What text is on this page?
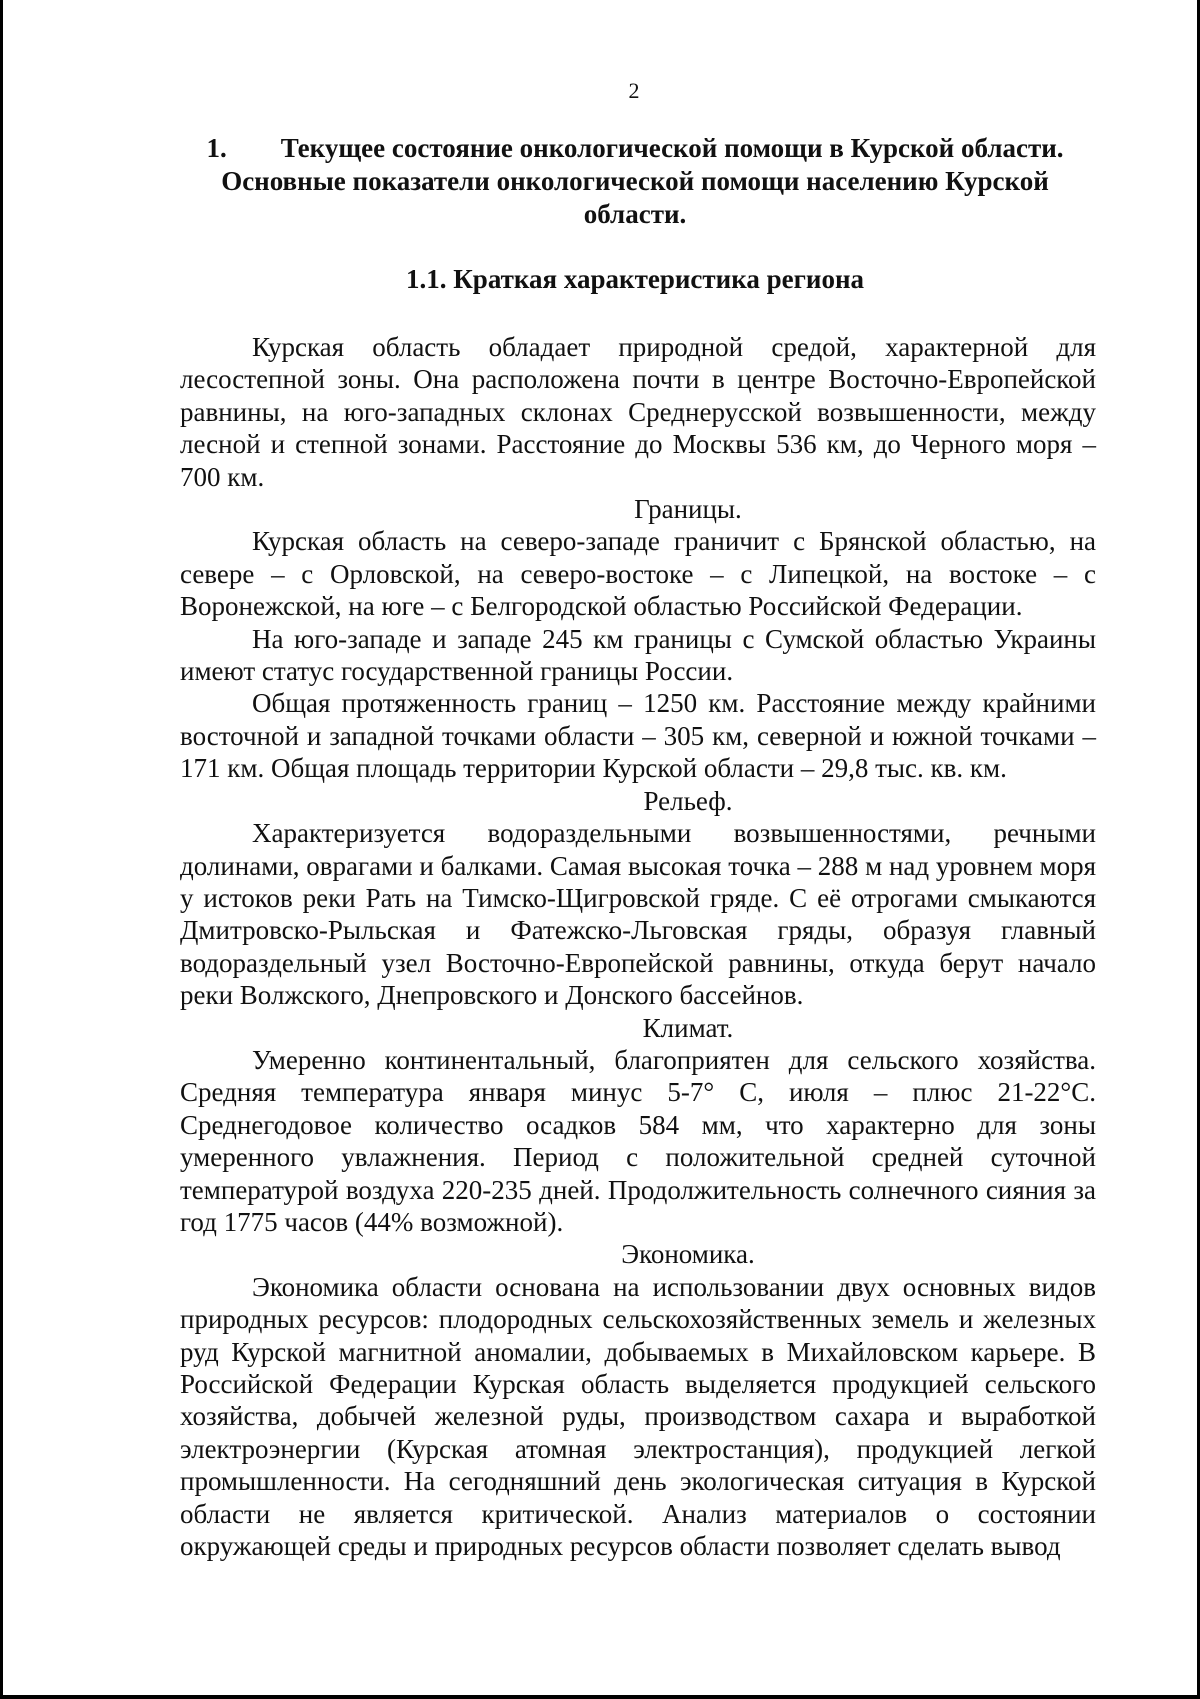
2
1.  Текущее состояние онкологической помощи в Курской области. Основные показатели онкологической помощи населению Курской области.
1.1. Краткая характеристика региона

Курская область обладает природной средой, характерной для лесостепной зоны. Она расположена почти в центре Восточно-Европейской равнины, на юго-западных склонах Среднерусской возвышенности, между лесной и степной зонами. Расстояние до Москвы 536 км, до Черного моря – 700 км.

Границы.

Курская область на северо-западе граничит с Брянской областью, на севере – с Орловской, на северо-востоке – с Липецкой, на востоке – с Воронежской, на юге – с Белгородской областью Российской Федерации.

На юго-западе и западе 245 км границы с Сумской областью Украины имеют статус государственной границы России.

Общая протяженность границ – 1250 км. Расстояние между крайними восточной и западной точками области – 305 км, северной и южной точками – 171 км. Общая площадь территории Курской области – 29,8 тыс. кв. км.

Рельеф.

Характеризуется водораздельными возвышенностями, речными долинами, оврагами и балками. Самая высокая точка – 288 м над уровнем моря у истоков реки Рать на Тимско-Щигровской гряде. С её отрогами смыкаются Дмитровско-Рыльская и Фатежско-Льговская гряды, образуя главный водораздельный узел Восточно-Европейской равнины, откуда берут начало реки Волжского, Днепровского и Донского бассейнов.

Климат.

Умеренно континентальный, благоприятен для сельского хозяйства. Средняя температура января минус 5-7° С, июля – плюс 21-22°С. Среднегодовое количество осадков 584 мм, что характерно для зоны умеренного увлажнения. Период с положительной средней суточной температурой воздуха 220-235 дней. Продолжительность солнечного сияния за год 1775 часов (44% возможной).

Экономика.

Экономика области основана на использовании двух основных видов природных ресурсов: плодородных сельскохозяйственных земель и железных руд Курской магнитной аномалии, добываемых в Михайловском карьере. В Российской Федерации Курская область выделяется продукцией сельского хозяйства, добычей железной руды, производством сахара и выработкой электроэнергии (Курская атомная электростанция), продукцией легкой промышленности. На сегодняшний день экологическая ситуация в Курской области не является критической. Анализ материалов о состоянии окружающей среды и природных ресурсов области позволяет сделать вывод
